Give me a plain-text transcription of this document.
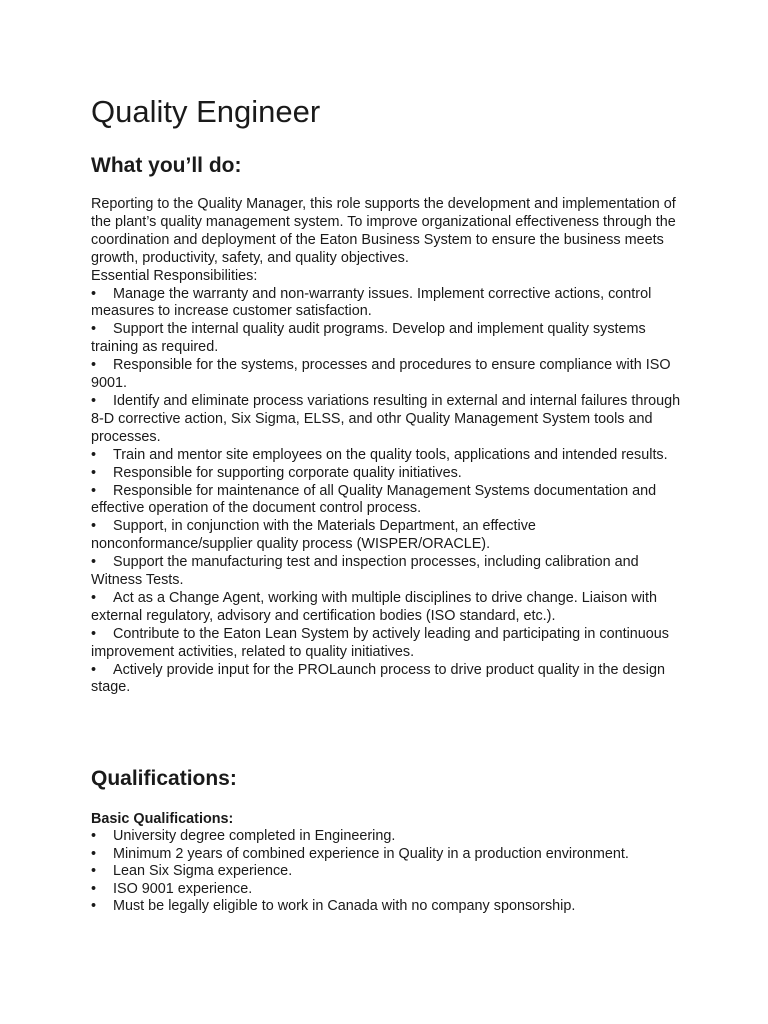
Quality Engineer
What you’ll do:

Reporting to the Quality Manager, this role supports the development and implementation of the plant’s quality management system. To improve organizational effectiveness through the coordination and deployment of the Eaton Business System to ensure the business meets growth, productivity, safety, and quality objectives.

Essential Responsibilities:

• Manage the warranty and non-warranty issues. Implement corrective actions, control measures to increase customer satisfaction.

• Support the internal quality audit programs. Develop and implement quality systems training as required.

• Responsible for the systems, processes and procedures to ensure compliance with ISO 9001.

• Identify and eliminate process variations resulting in external and internal failures through 8-D corrective action, Six Sigma, ELSS, and othr Quality Management System tools and processes.

• Train and mentor site employees on the quality tools, applications and intended results.

• Responsible for supporting corporate quality initiatives.

• Responsible for maintenance of all Quality Management Systems documentation and effective operation of the document control process.

• Support, in conjunction with the Materials Department, an effective nonconformance/supplier quality process (WISPER/ORACLE).

• Support the manufacturing test and inspection processes, including calibration and Witness Tests.

• Act as a Change Agent, working with multiple disciplines to drive change. Liaison with external regulatory, advisory and certification bodies (ISO standard, etc.).

• Contribute to the Eaton Lean System by actively leading and participating in continuous improvement activities, related to quality initiatives.

• Actively provide input for the PROLaunch process to drive product quality in the design stage.

Qualifications:

Basic Qualifications:

• University degree completed in Engineering.
• Minimum 2 years of combined experience in Quality in a production environment.
• Lean Six Sigma experience.
• ISO 9001 experience.
• Must be legally eligible to work in Canada with no company sponsorship.
